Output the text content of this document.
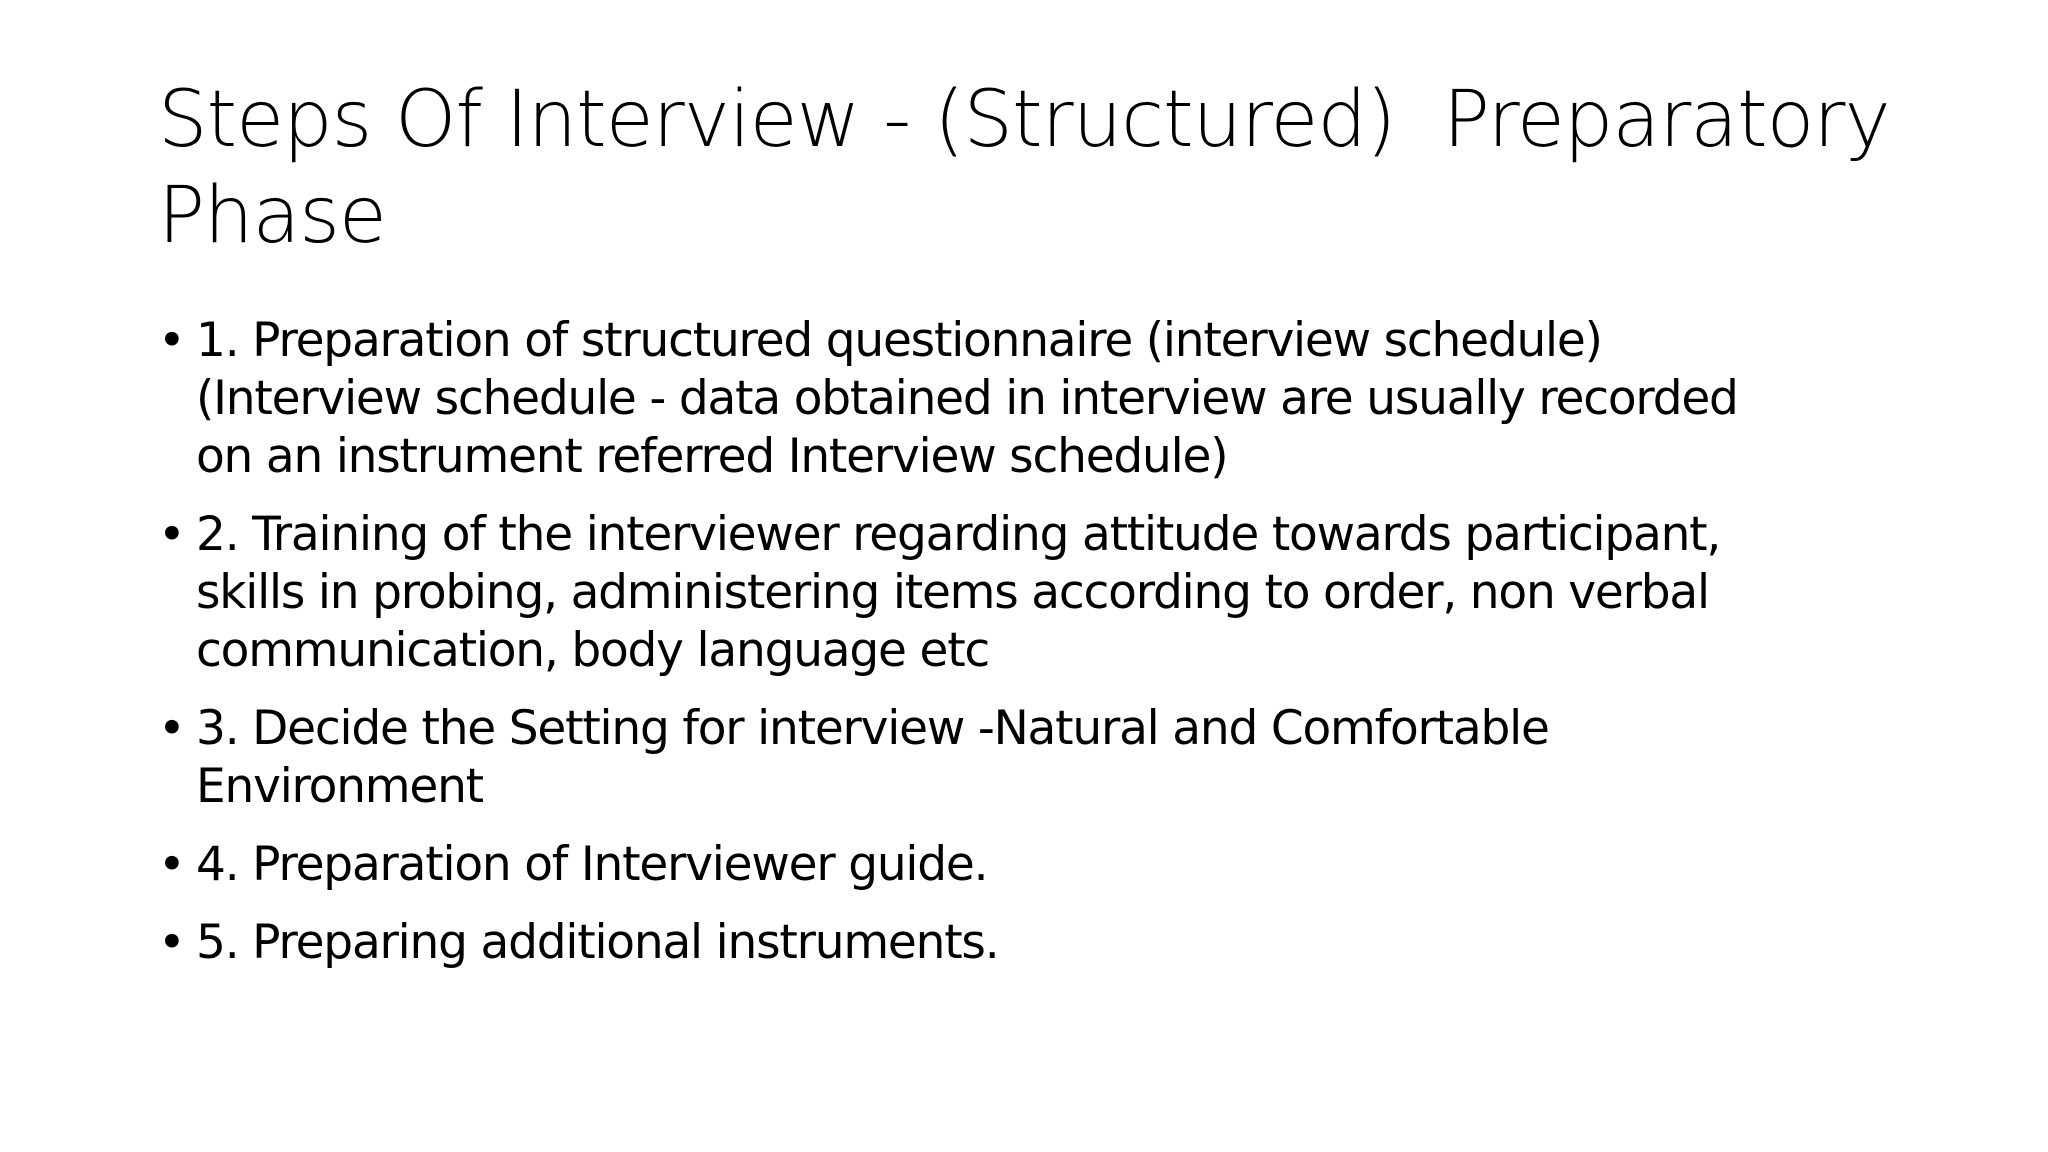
Steps Of Interview - (Structured)  Preparatory
Phase
• 1. Preparation of structured questionnaire (interview schedule)
(Interview schedule - data obtained in interview are usually recorded
on an instrument referred Interview schedule)
• 2. Training of the interviewer regarding attitude towards participant,
skills in probing, administering items according to order, non verbal
communication, body language etc
• 3. Decide the Setting for interview -Natural and Comfortable
Environment
• 4. Preparation of Interviewer guide.
• 5. Preparing additional instruments.
